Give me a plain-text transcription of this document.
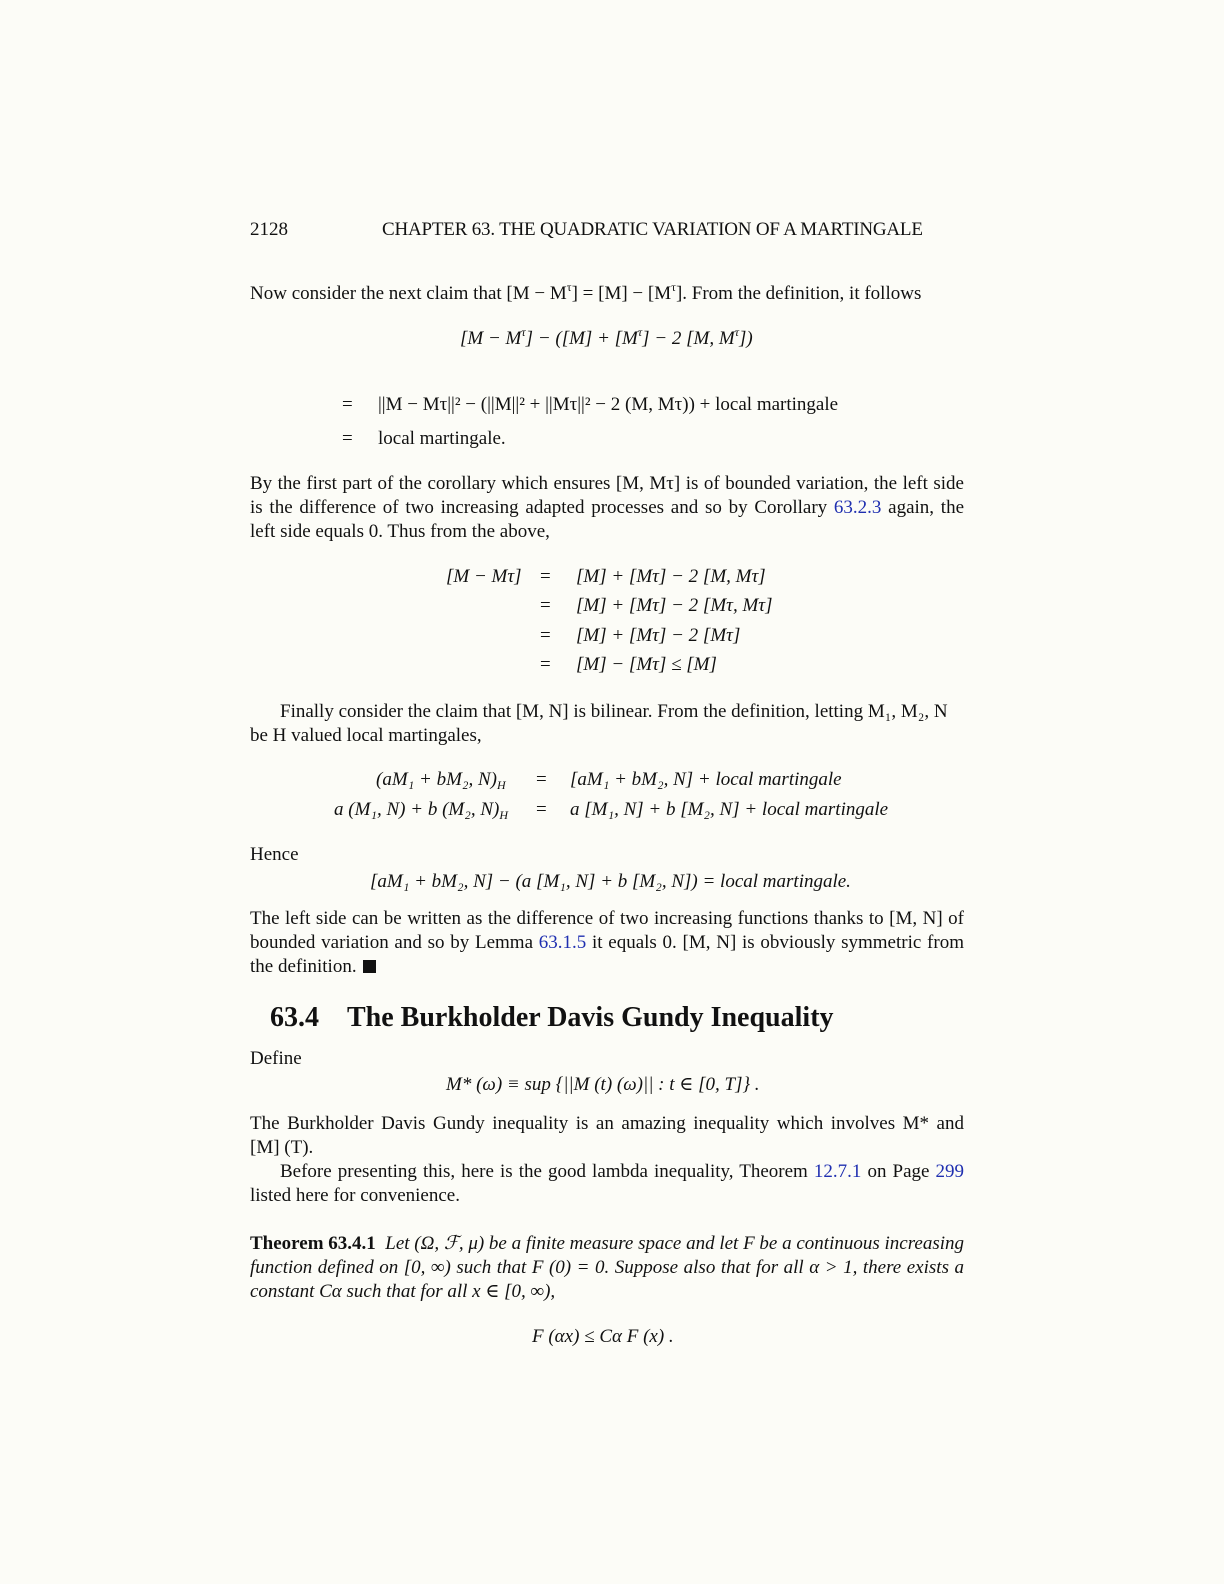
2128	CHAPTER 63. THE QUADRATIC VARIATION OF A MARTINGALE
Now consider the next claim that $[M - M^\tau] = [M] - [M^\tau]$. From the definition, it follows
$[M - M^\tau] - ([M] + [M^\tau] - 2$ [M, $M^\tau$])
= ||M − Mτ||² − (||M||² + ||Mτ||² − 2 (M, Mτ)) + local martingale
= local martingale.
By the first part of the corollary which ensures [M, Mτ] is of bounded variation, the left side is the difference of two increasing adapted processes and so by Corollary 63.2.3 again, the left side equals 0. Thus from the above,
[M − Mτ] = [M] + [Mτ] − 2 [M, Mτ]
= [M] + [Mτ] − 2 [Mτ, Mτ]
= [M] + [Mτ] − 2 [Mτ]
= [M] − [Mτ] ≤ [M]
Finally consider the claim that [M, N] is bilinear. From the definition, letting M₁, M₂, N
be H valued local martingales,
(aM₁ + bM₂, $N)_H = [aM_1 + bM_2$, N] + local martingale
a (M₁, N) + b (M₂, $N)_H = a$ [M₁, N] + b [M₂, N] + local martingale
Hence
[aM₁ + bM₂, N] − (a [M₁, N] + b [M₂, N]) = local martingale.
The left side can be written as the difference of two increasing functions thanks to [M, N] of bounded variation and so by Lemma 63.1.5 it equals 0. [M, N] is obviously symmetric from the definition.
63.4 The Burkholder Davis Gundy Inequality
Define
M* (ω) ≡ sup {||M (t) (ω)|| : t ∈ [0, T]} .
The Burkholder Davis Gundy inequality is an amazing inequality which involves M* and [M] (T).
Before presenting this, here is the good lambda inequality, Theorem 12.7.1 on Page 299 listed here for convenience.
Theorem 63.4.1 Let (Ω, ℱ, μ) be a finite measure space and let F be a continuous increasing function defined on [0, ∞) such that F (0) = 0. Suppose also that for all α > 1, there exists a constant Cα such that for all x ∈ [0, ∞),
F (αx) ≤ Cα F (x) .
